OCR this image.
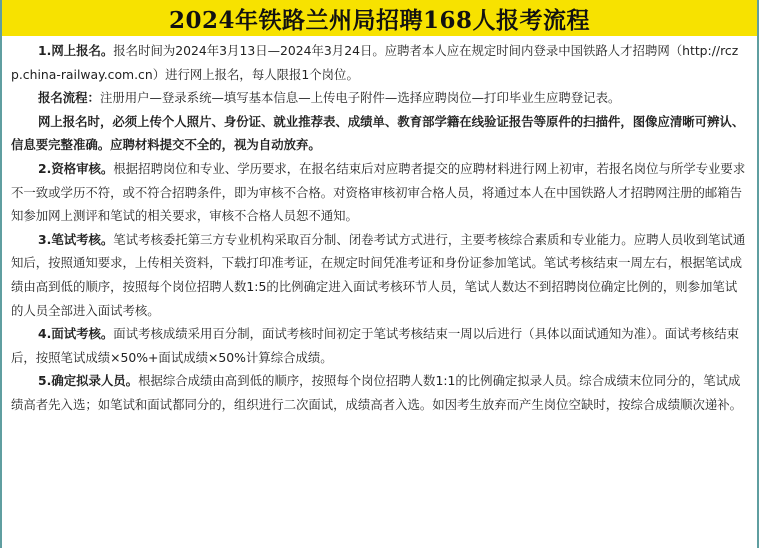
2024年铁路兰州局招聘168人报考流程

1.网上报名。报名时间为2024年3月13日—2024年3月24日。应聘者本人应在规定时间内登录中国铁路人才招聘网（http://rczp.china-railway.com.cn）进行网上报名，每人限报1个岗位。

报名流程：注册用户—登录系统—填写基本信息—上传电子附件—选择应聘岗位—打印毕业生应聘登记表。

网上报名时，必须上传个人照片、身份证、就业推荐表、成绩单、教育部学籍在线验证报告等原件的扫描件，图像应清晰可辨认、信息要完整准确。应聘材料提交不全的，视为自动放弃。

2.资格审核。根据招聘岗位和专业、学历要求，在报名结束后对应聘者提交的应聘材料进行网上初审，若报名岗位与所学专业要求不一致或学历不符，或不符合招聘条件，即为审核不合格。对资格审核初审合格人员，将通过本人在中国铁路人才招聘网注册的邮箱告知参加网上测评和笔试的相关要求，审核不合格人员恕不通知。

3.笔试考核。笔试考核委托第三方专业机构采取百分制、闭卷考试方式进行，主要考核综合素质和专业能力。应聘人员收到笔试通知后，按照通知要求，上传相关资料，下载打印准考证，在规定时间凭准考证和身份证参加笔试。笔试考核结束一周左右，根据笔试成绩由高到低的顺序，按照每个岗位招聘人数1:5的比例确定进入面试考核环节人员，笔试人数达不到招聘岗位确定比例的，则参加笔试的人员全部进入面试考核。

4.面试考核。面试考核成绩采用百分制，面试考核时间初定于笔试考核结束一周以后进行（具体以面试通知为准）。面试考核结束后，按照笔试成绩×50%+面试成绩×50%计算综合成绩。

5.确定拟录人员。根据综合成绩由高到低的顺序，按照每个岗位招聘人数1:1的比例确定拟录人员。综合成绩末位同分的，笔试成绩高者先入选；如笔试和面试都同分的，组织进行二次面试，成绩高者入选。如因考生放弃而产生岗位空缺时，按综合成绩顺次递补。
